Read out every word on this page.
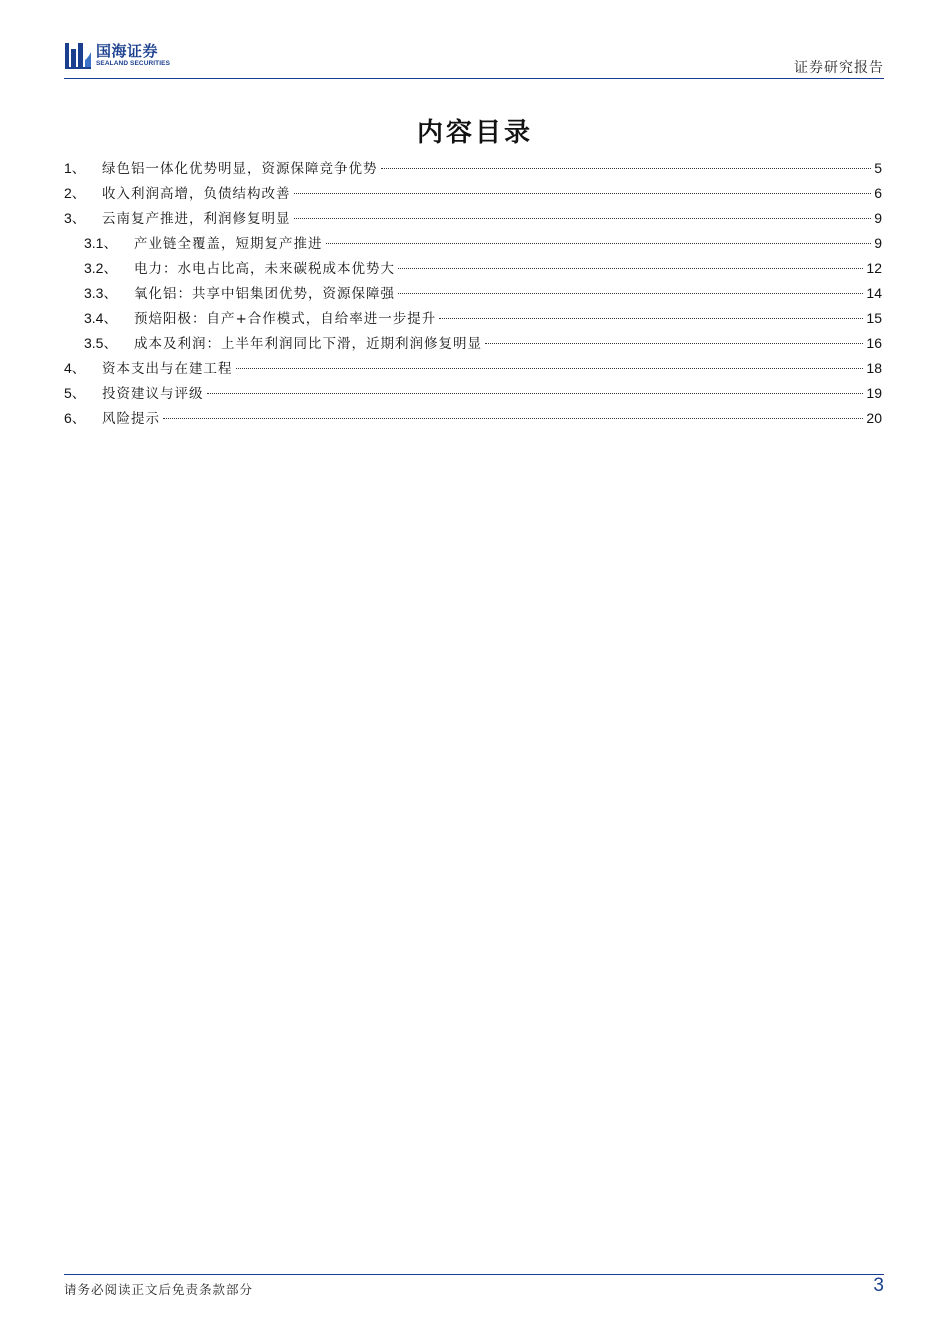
国海证券
SEALAND SECURITIES	证券研究报告
内容目录
1、	绿色铝一体化优势明显，资源保障竞争优势	5
2、	收入利润高增，负债结构改善	6
3、	云南复产推进，利润修复明显	9
3.1、	产业链全覆盖，短期复产推进	9
3.2、	电力：水电占比高，未来碳税成本优势大	12
3.3、	氧化铝：共享中铝集团优势，资源保障强	14
3.4、	预焙阳极：自产+合作模式，自给率进一步提升	15
3.5、	成本及利润：上半年利润同比下滑，近期利润修复明显	16
4、	资本支出与在建工程	18
5、	投资建议与评级	19
6、	风险提示	20
请务必阅读正文后免责条款部分	3
